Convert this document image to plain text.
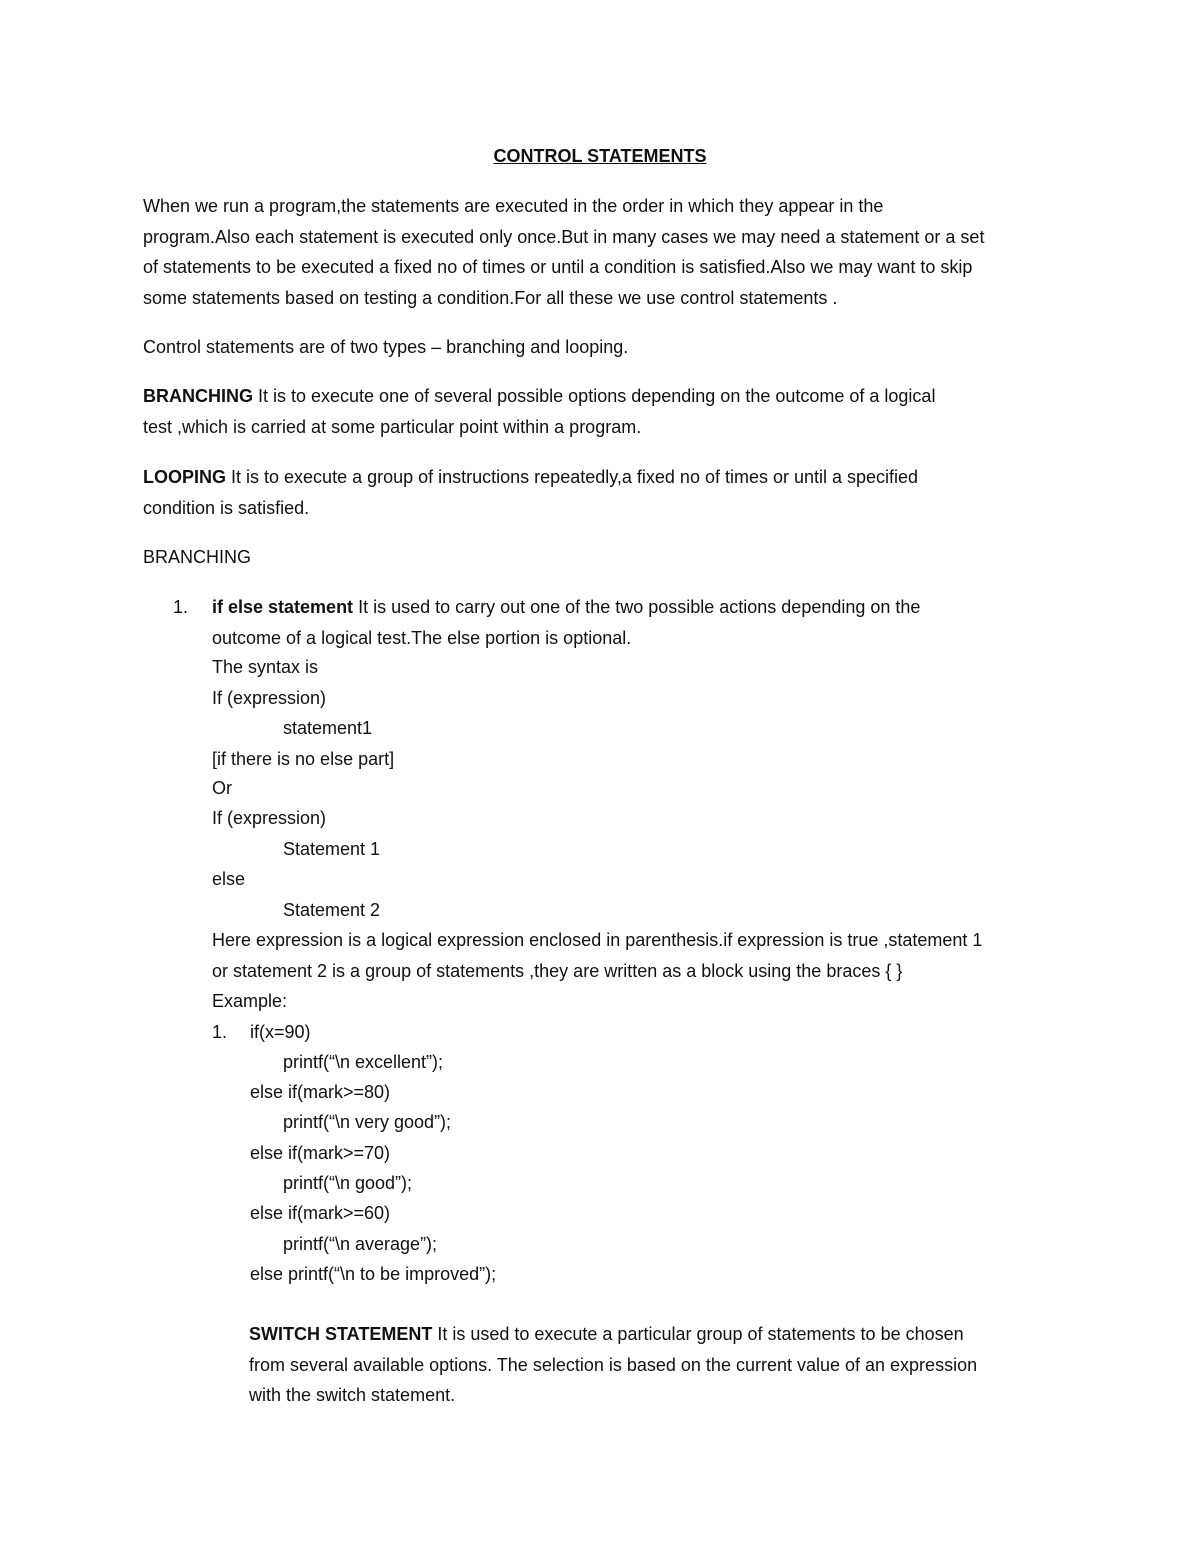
CONTROL STATEMENTS

When we run a program,the statements are executed in the order in which they appear in the

program.Also each statement is executed only once.But in many cases we may need a statement or a set

of statements to be executed a fixed no of times or until a condition is satisfied.Also we may want to skip

some statements based on testing a condition.For all these we use control statements .

Control statements are of two types – branching and looping.

BRANCHING It is to execute one of several possible options depending on the outcome of a logical

test ,which is carried at some particular point within a program.

LOOPING It is to execute a group of instructions repeatedly,a fixed no of times or until a specified

condition is satisfied.

BRANCHING

1. if else statement It is used to carry out one of the two possible actions depending on the

outcome of a logical test.The else portion is optional.

The syntax is

If (expression)

statement1

[if there is no else part]

Or

If (expression)

Statement 1

else

Statement 2

Here expression is a logical expression enclosed in parenthesis.if expression is true ,statement 1

or statement 2 is a group of statements ,they are written as a block using the braces { }

Example:

1. if(x=90)

printf(“\n excellent”);

else if(mark>=80)

printf(“\n very good”);

else if(mark>=70)

printf(“\n good”);

else if(mark>=60)

printf(“\n average”);

else printf(“\n to be improved”);

SWITCH STATEMENT It is used to execute a particular group of statements to be chosen

from several available options. The selection is based on the current value of an expression

with the switch statement.
